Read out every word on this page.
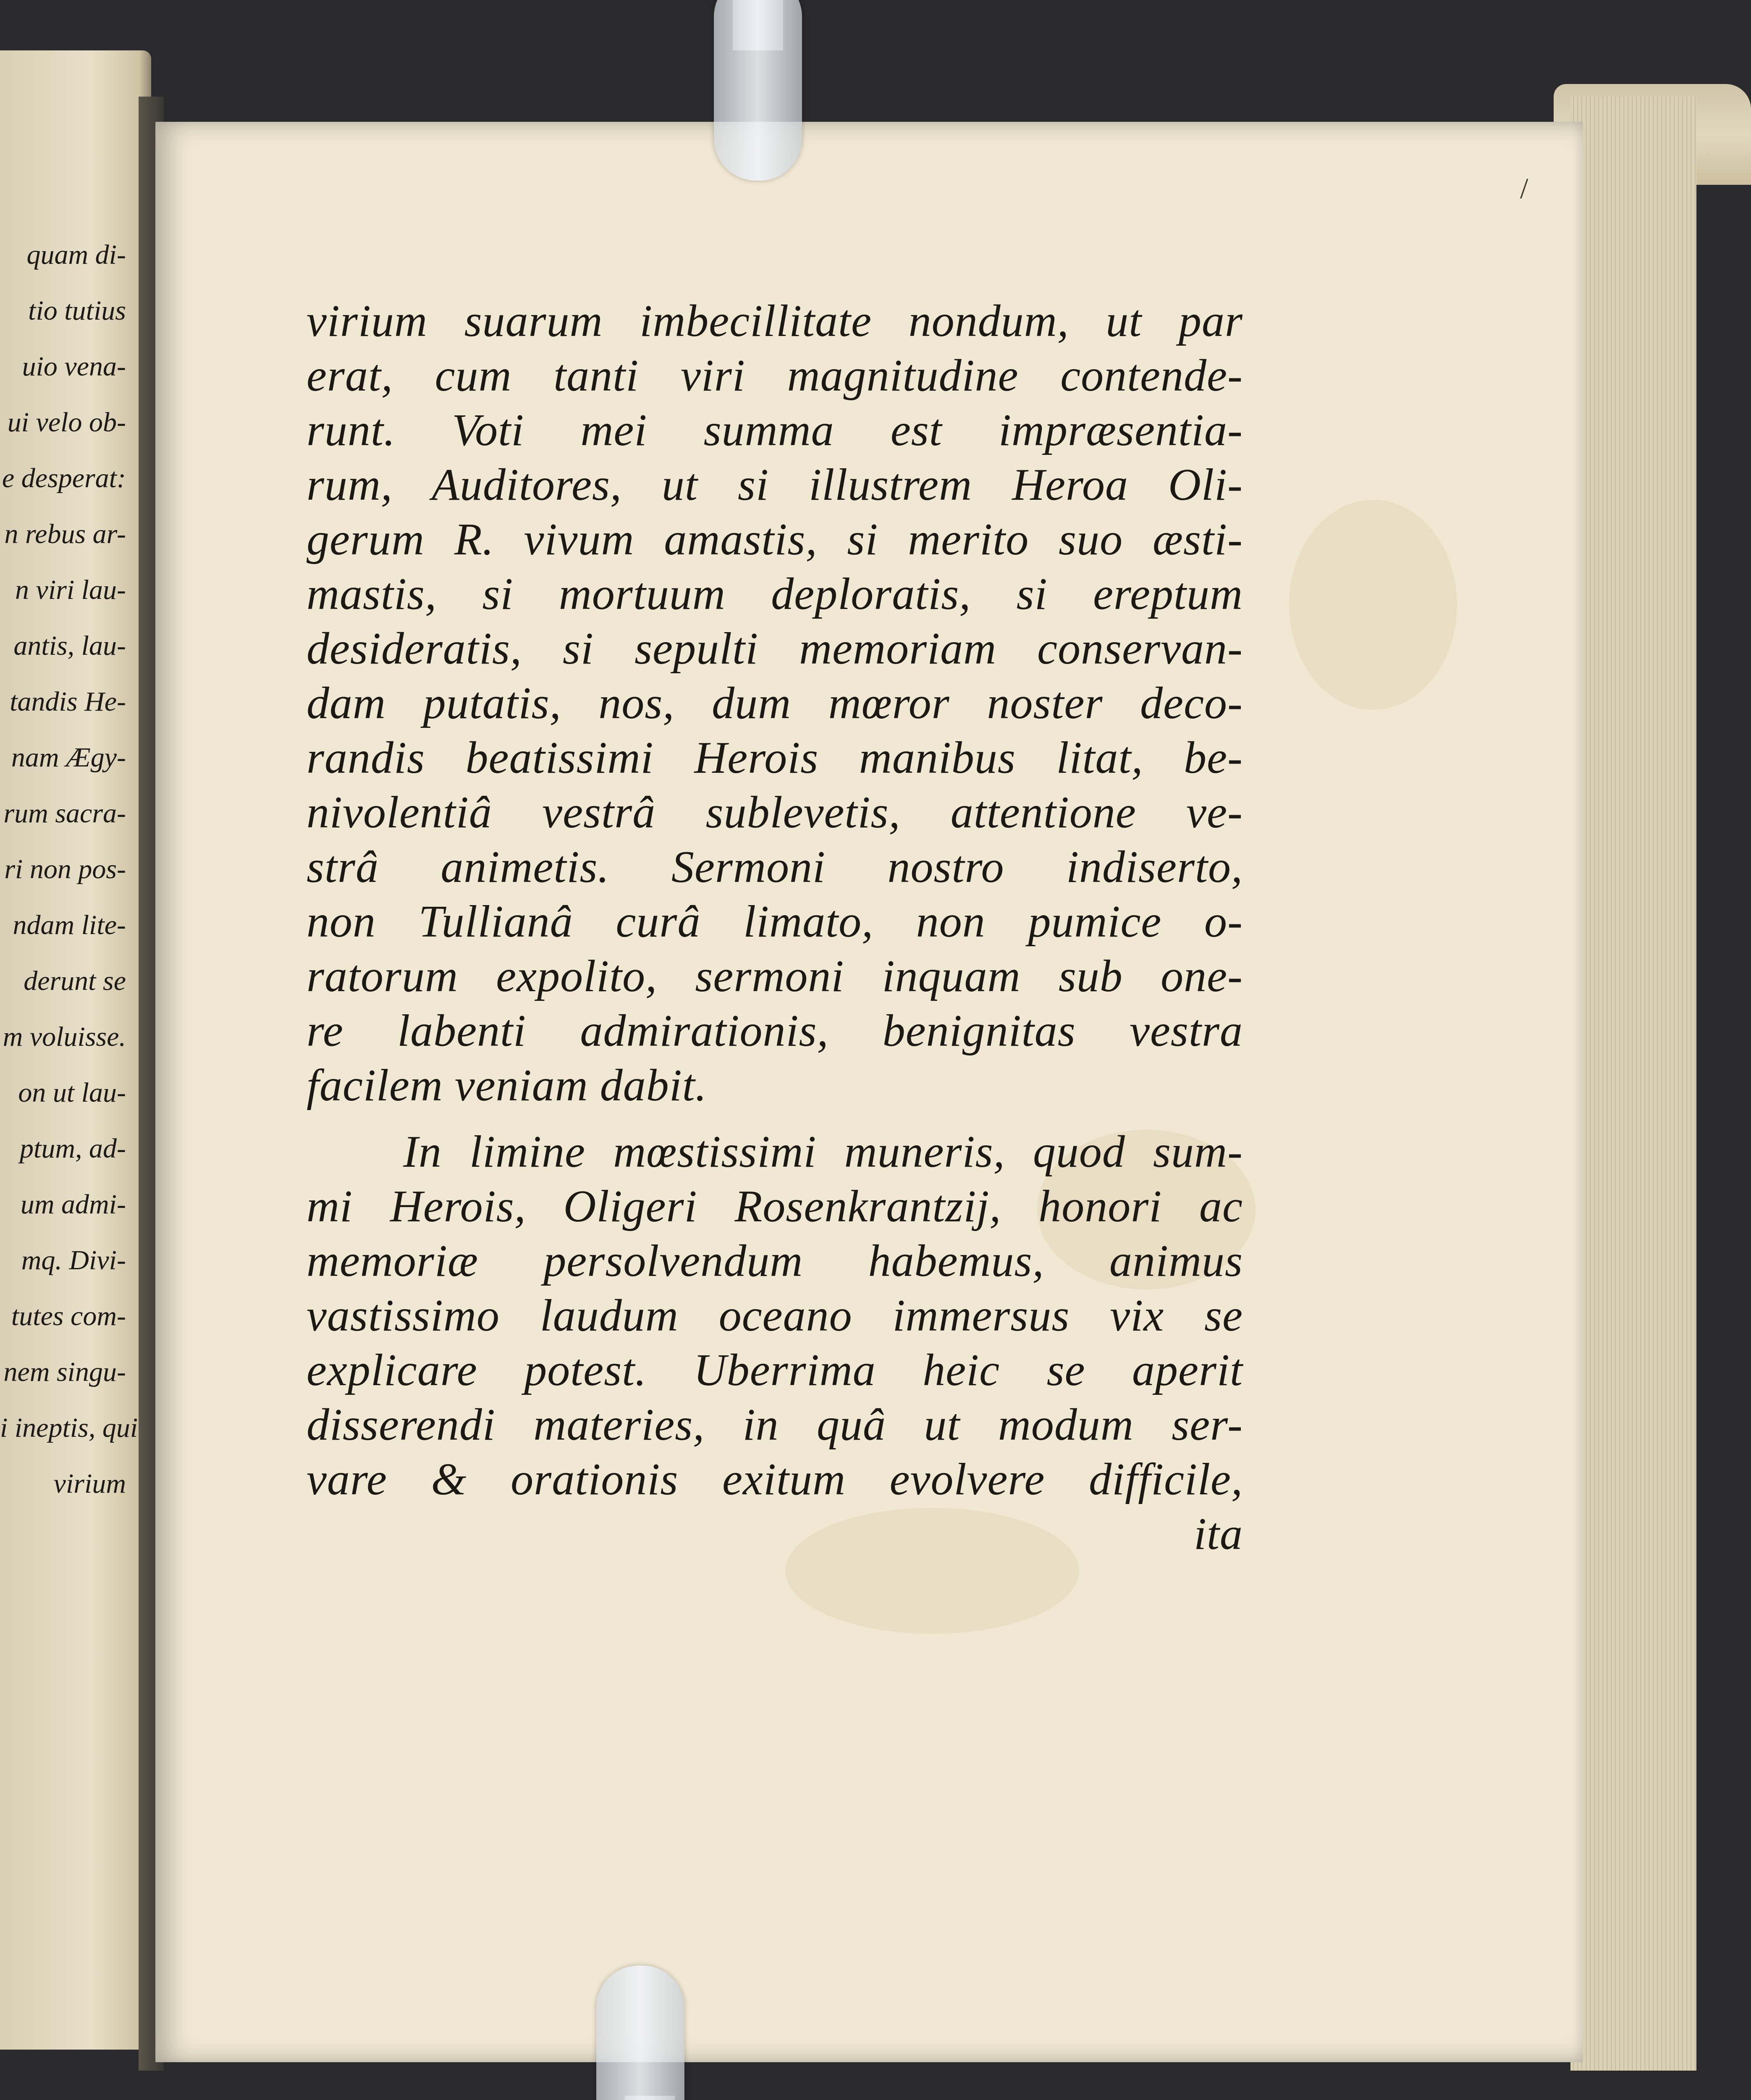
quam di-
tio tutius
uio vena-
ui velo ob-
e desperat:
n rebus ar-
n viri lau-
antis, lau-
tandis He-
nam Ægy-
rum sacra-
ri non pos-
ndam lite-
derunt se
m voluisse.
on ut lau-
ptum, ad-
um admi-
mq. Divi-
tutes com-
nem singu-
i ineptis, qui
virium
/
virium suarum imbecillitate nondum, ut par
erat, cum tanti viri magnitudine contende-
runt. Voti mei summa est impræsentia-
rum, Auditores, ut si illustrem Heroa Oli-
gerum R. vivum amastis, si merito suo æsti-
mastis, si mortuum deploratis, si ereptum
desideratis, si sepulti memoriam conservan-
dam putatis, nos, dum mœror noster deco-
randis beatissimi Herois manibus litat, be-
nivolentiâ vestrâ sublevetis, attentione ve-
strâ animetis. Sermoni nostro indiserto,
non Tullianâ curâ limato, non pumice o-
ratorum expolito, sermoni inquam sub one-
re labenti admirationis, benignitas vestra
facilem veniam dabit.
In limine mœstissimi muneris, quod sum-
mi Herois, Oligeri Rosenkrantzij, honori ac
memoriæ persolvendum habemus, animus
vastissimo laudum oceano immersus vix se
explicare potest. Uberrima heic se aperit
disserendi materies, in quâ ut modum ser-
vare & orationis exitum evolvere difficile,
ita
